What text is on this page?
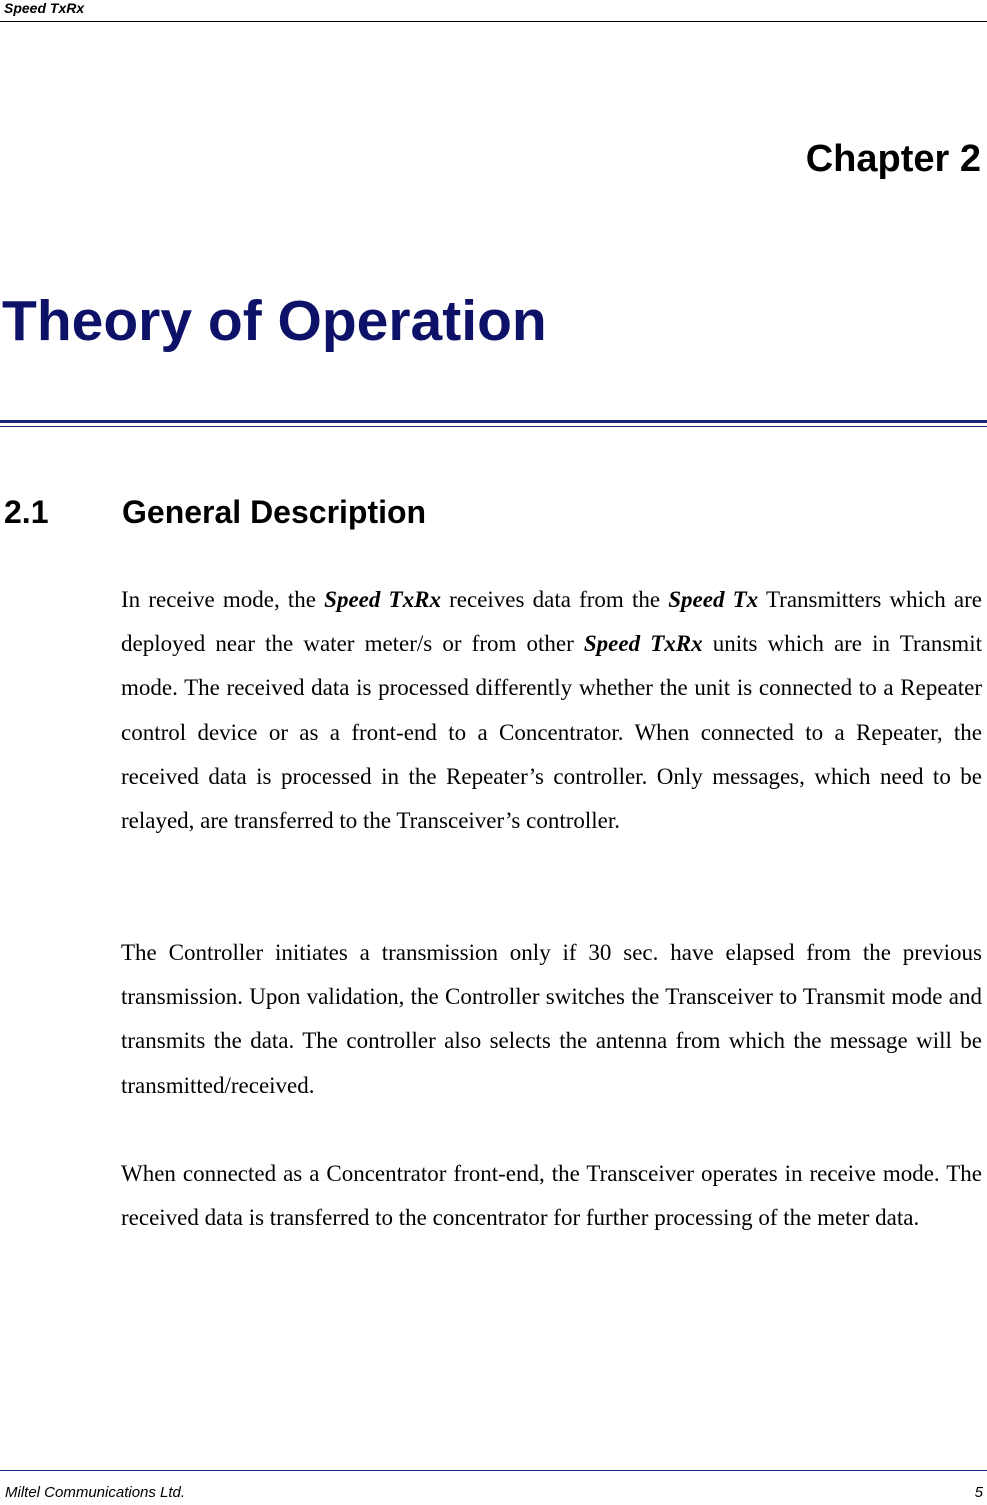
Speed TxRx
Chapter 2
Theory of Operation
2.1 General Description
In receive mode, the Speed TxRx receives data from the Speed Tx Transmitters which are deployed near the water meter/s or from other Speed TxRx units which are in Transmit mode. The received data is processed differently whether the unit is connected to a Repeater control device or as a front-end to a Concentrator. When connected to a Repeater, the received data is processed in the Repeater’s controller. Only messages, which need to be relayed, are transferred to the Transceiver’s controller.
The Controller initiates a transmission only if 30 sec. have elapsed from the previous transmission. Upon validation, the Controller switches the Transceiver to Transmit mode and transmits the data. The controller also selects the antenna from which the message will be transmitted/received.
When connected as a Concentrator front-end, the Transceiver operates in receive mode. The received data is transferred to the concentrator for further processing of the meter data.
Miltel Communications Ltd.	5
